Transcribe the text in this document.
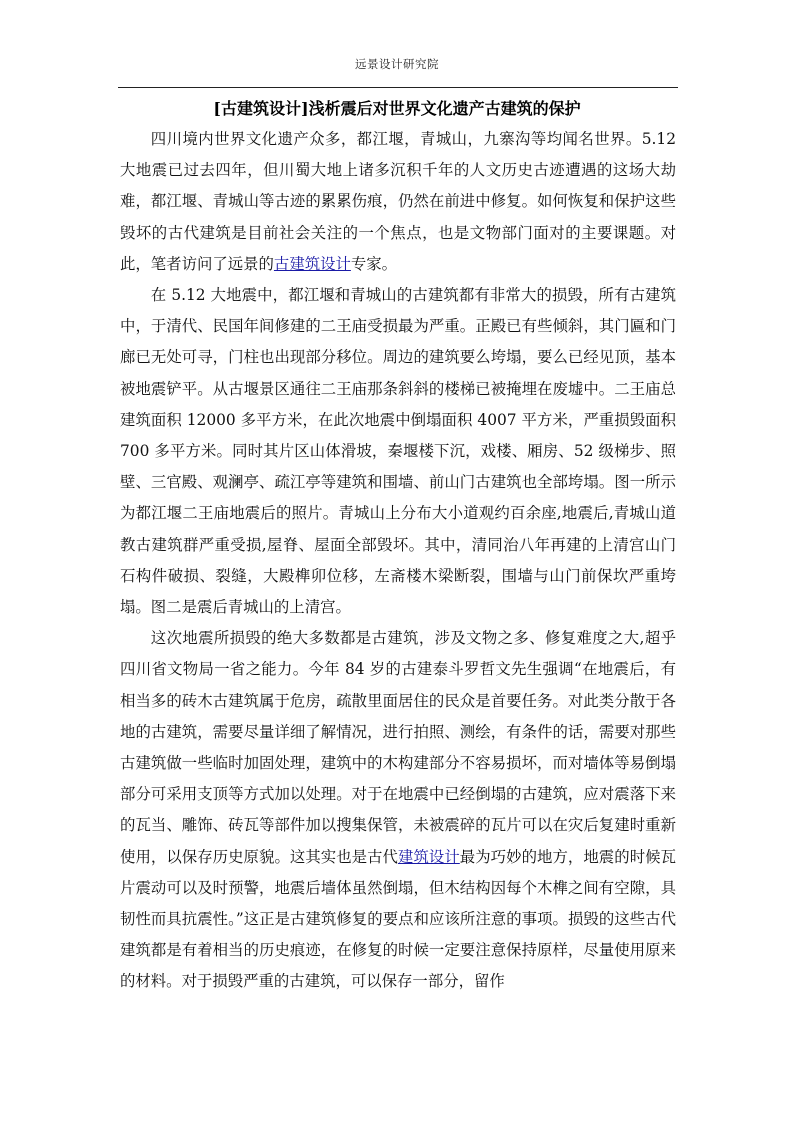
远景设计研究院
[古建筑设计]浅析震后对世界文化遗产古建筑的保护

四川境内世界文化遗产众多，都江堰，青城山，九寨沟等均闻名世界。5.12大地震已过去四年，但川蜀大地上诸多沉积千年的人文历史古迹遭遇的这场大劫难，都江堰、青城山等古迹的累累伤痕，仍然在前进中修复。如何恢复和保护这些毁坏的古代建筑是目前社会关注的一个焦点，也是文物部门面对的主要课题。对此，笔者访问了远景的古建筑设计专家。

在 5.12 大地震中，都江堰和青城山的古建筑都有非常大的损毁，所有古建筑中，于清代、民国年间修建的二王庙受损最为严重。正殿已有些倾斜，其门匾和门廊已无处可寻，门柱也出现部分移位。周边的建筑要么垮塌，要么已经见顶，基本被地震铲平。从古堰景区通往二王庙那条斜斜的楼梯已被掩埋在废墟中。二王庙总建筑面积 12000 多平方米，在此次地震中倒塌面积 4007 平方米，严重损毁面积 700 多平方米。同时其片区山体滑坡，秦堰楼下沉，戏楼、厢房、52 级梯步、照壁、三官殿、观澜亭、疏江亭等建筑和围墙、前山门古建筑也全部垮塌。图一所示为都江堰二王庙地震后的照片。青城山上分布大小道观约百余座,地震后,青城山道教古建筑群严重受损,屋脊、屋面全部毁坏。其中，清同治八年再建的上清宫山门石构件破损、裂缝，大殿榫卯位移，左斋楼木梁断裂，围墙与山门前保坎严重垮塌。图二是震后青城山的上清宫。

这次地震所损毁的绝大多数都是古建筑，涉及文物之多、修复难度之大,超乎四川省文物局一省之能力。今年 84 岁的古建泰斗罗哲文先生强调“在地震后，有相当多的砖木古建筑属于危房，疏散里面居住的民众是首要任务。对此类分散于各地的古建筑，需要尽量详细了解情况，进行拍照、测绘，有条件的话，需要对那些古建筑做一些临时加固处理，建筑中的木构建部分不容易损坏，而对墙体等易倒塌部分可采用支顶等方式加以处理。对于在地震中已经倒塌的古建筑，应对震落下来的瓦当、雕饰、砖瓦等部件加以搜集保管，未被震碎的瓦片可以在灾后复建时重新使用，以保存历史原貌。这其实也是古代建筑设计最为巧妙的地方，地震的时候瓦片震动可以及时预警，地震后墙体虽然倒塌，但木结构因每个木榫之间有空隙，具韧性而具抗震性。”这正是古建筑修复的要点和应该所注意的事项。损毁的这些古代建筑都是有着相当的历史痕迹，在修复的时候一定要注意保持原样，尽量使用原来的材料。对于损毁严重的古建筑，可以保存一部分，留作
